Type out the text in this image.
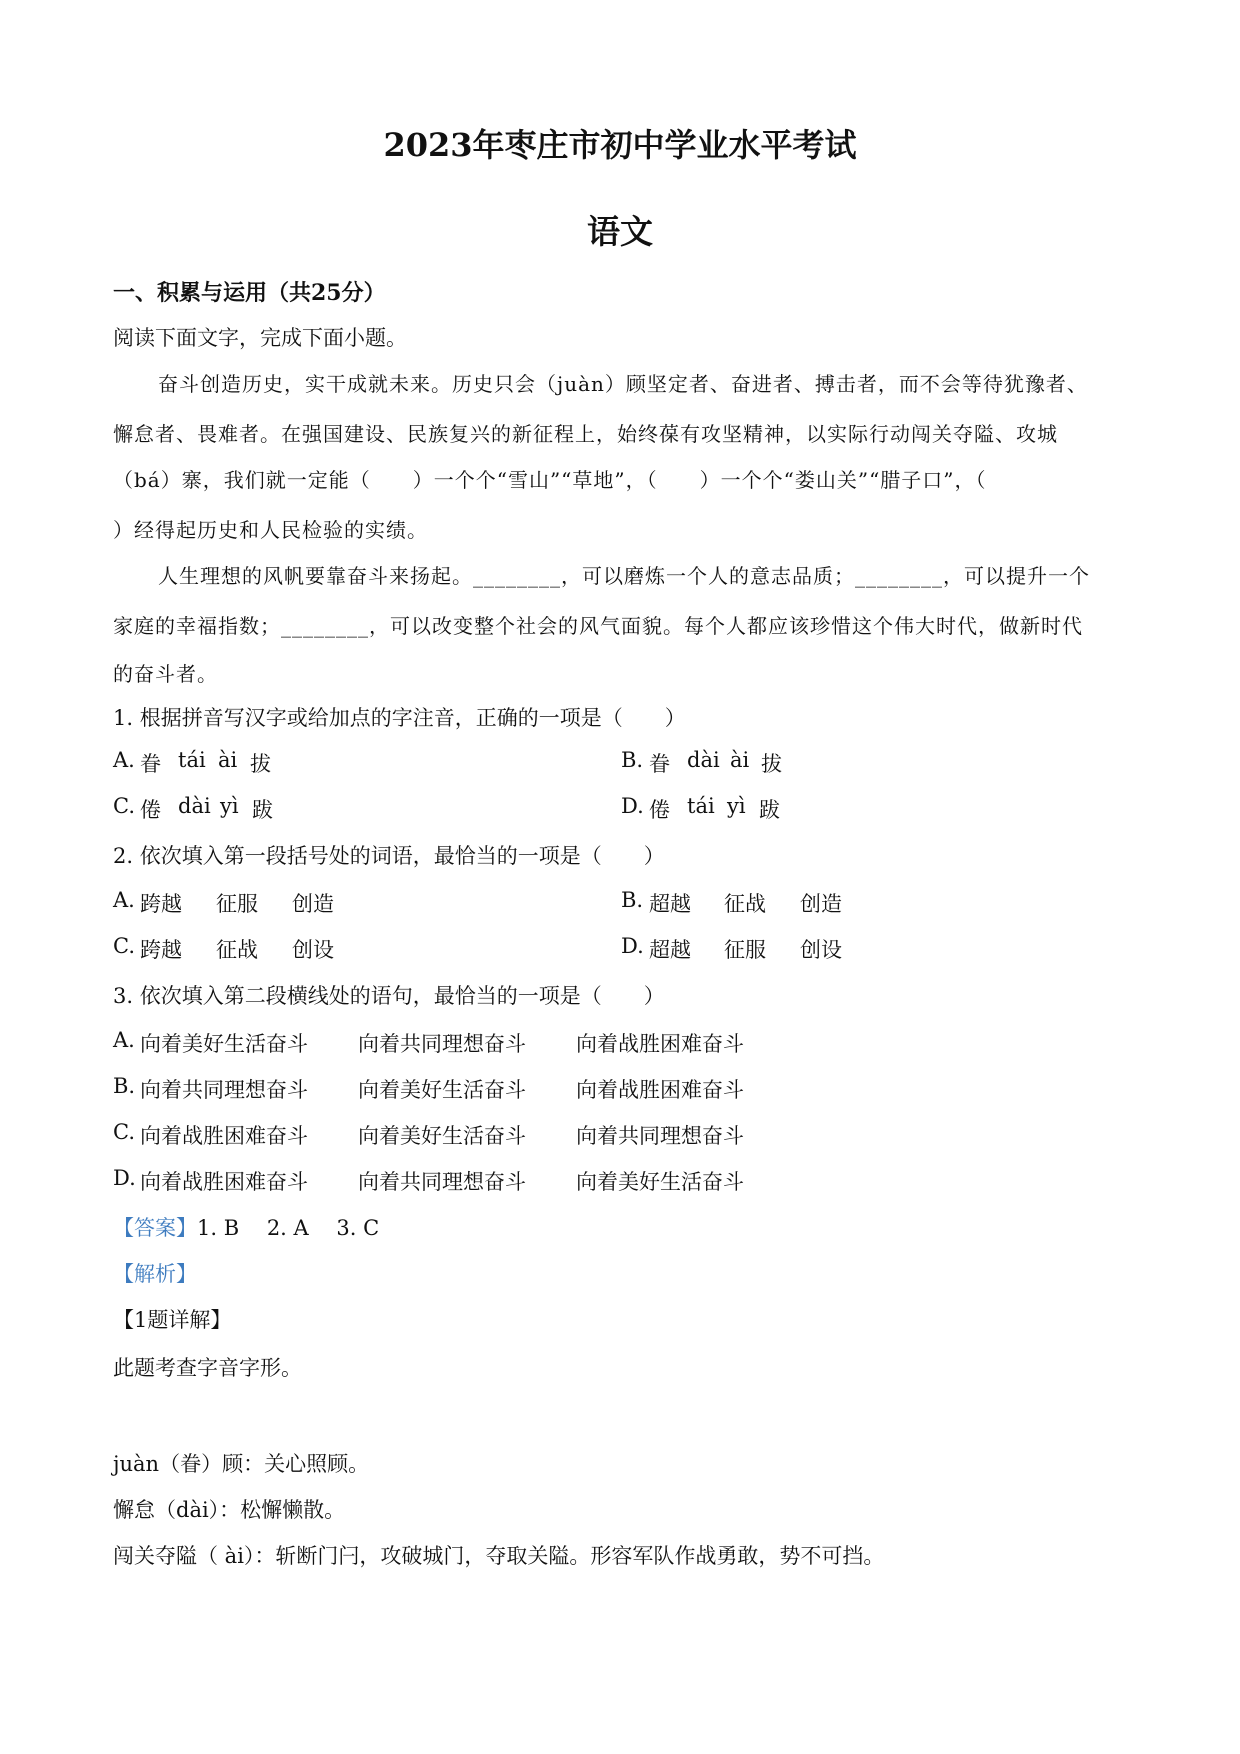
2023年枣庄市初中学业水平考试
语文
一、积累与运用（共25分）
阅读下面文字，完成下面小题。
奋斗创造历史，实干成就未来。历史只会（juàn）顾坚定者、奋进者、搏击者，而不会等待犹豫者、
懈怠者、畏难者。在强国建设、民族复兴的新征程上，始终葆有攻坚精神，以实际行动闯关夺隘、攻城
（bá）寨，我们就一定能（　　）一个个“雪山”“草地”，（　　）一个个“娄山关”“腊子口”，（
）经得起历史和人民检验的实绩。
人生理想的风帆要靠奋斗来扬起。________，可以磨炼一个人的意志品质；________，可以提升一个
家庭的幸福指数；________，可以改变整个社会的风气面貌。每个人都应该珍惜这个伟大时代，做新时代
的奋斗者。
1. 根据拼音写汉字或给加点的字注音，正确的一项是（　　）
A. 眷 tái ài 拔	B. 眷 dài ài 拔
C. 倦 dài yì 跋	D. 倦 tái yì 跋
2. 依次填入第一段括号处的词语，最恰当的一项是（　　）
A. 跨越 征服 创造	B. 超越 征战 创造
C. 跨越 征战 创设	D. 超越 征服 创设
3. 依次填入第二段横线处的语句，最恰当的一项是（　　）
A. 向着美好生活奋斗 向着共同理想奋斗 向着战胜困难奋斗
B. 向着共同理想奋斗 向着美好生活奋斗 向着战胜困难奋斗
C. 向着战胜困难奋斗 向着美好生活奋斗 向着共同理想奋斗
D. 向着战胜困难奋斗 向着共同理想奋斗 向着美好生活奋斗
【答案】1. B　 2. A　 3. C
【解析】
【1题详解】
此题考查字音字形。
juàn（眷）顾：关心照顾。
懈怠（dài）：松懈懒散。
闯关夺隘（ ài）：斩断门闩，攻破城门，夺取关隘。形容军队作战勇敢，势不可挡。
